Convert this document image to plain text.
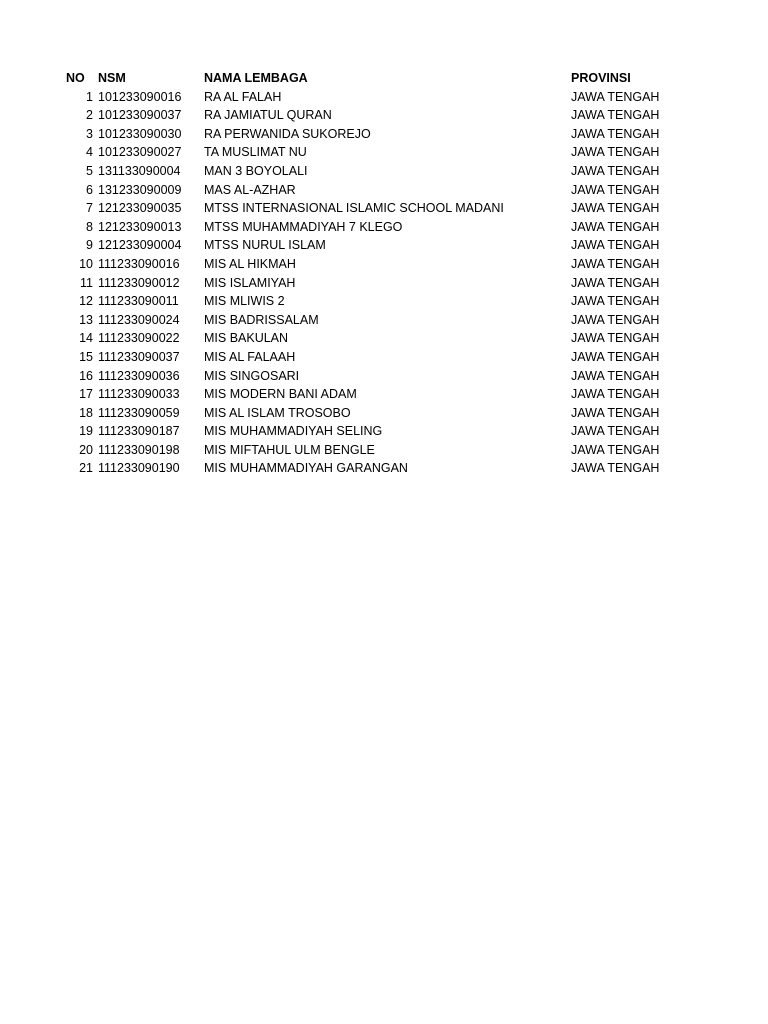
NO NSM	NAMA LEMBAGA	PROVINSI
1 101233090016 RA AL FALAH	JAWA TENGAH
2 101233090037 RA JAMIATUL QURAN	JAWA TENGAH
3 101233090030 RA PERWANIDA SUKOREJO	JAWA TENGAH
4 101233090027 TA MUSLIMAT NU	JAWA TENGAH
5 131133090004 MAN 3 BOYOLALI	JAWA TENGAH
6 131233090009 MAS AL-AZHAR	JAWA TENGAH
7 121233090035 MTSS INTERNASIONAL ISLAMIC SCHOOL MADANI	JAWA TENGAH
8 121233090013 MTSS MUHAMMADIYAH 7 KLEGO	JAWA TENGAH
9 121233090004 MTSS NURUL ISLAM	JAWA TENGAH
10 111233090016 MIS AL HIKMAH	JAWA TENGAH
11 111233090012 MIS ISLAMIYAH	JAWA TENGAH
12 111233090011 MIS MLIWIS 2	JAWA TENGAH
13 111233090024 MIS BADRISSALAM	JAWA TENGAH
14 111233090022 MIS BAKULAN	JAWA TENGAH
15 111233090037 MIS AL FALAAH	JAWA TENGAH
16 111233090036 MIS SINGOSARI	JAWA TENGAH
17 111233090033 MIS MODERN BANI ADAM	JAWA TENGAH
18 111233090059 MIS AL ISLAM TROSOBO	JAWA TENGAH
19 111233090187 MIS MUHAMMADIYAH SELING	JAWA TENGAH
20 111233090198 MIS MIFTAHUL ULM BENGLE	JAWA TENGAH
21 111233090190 MIS MUHAMMADIYAH GARANGAN	JAWA TENGAH
